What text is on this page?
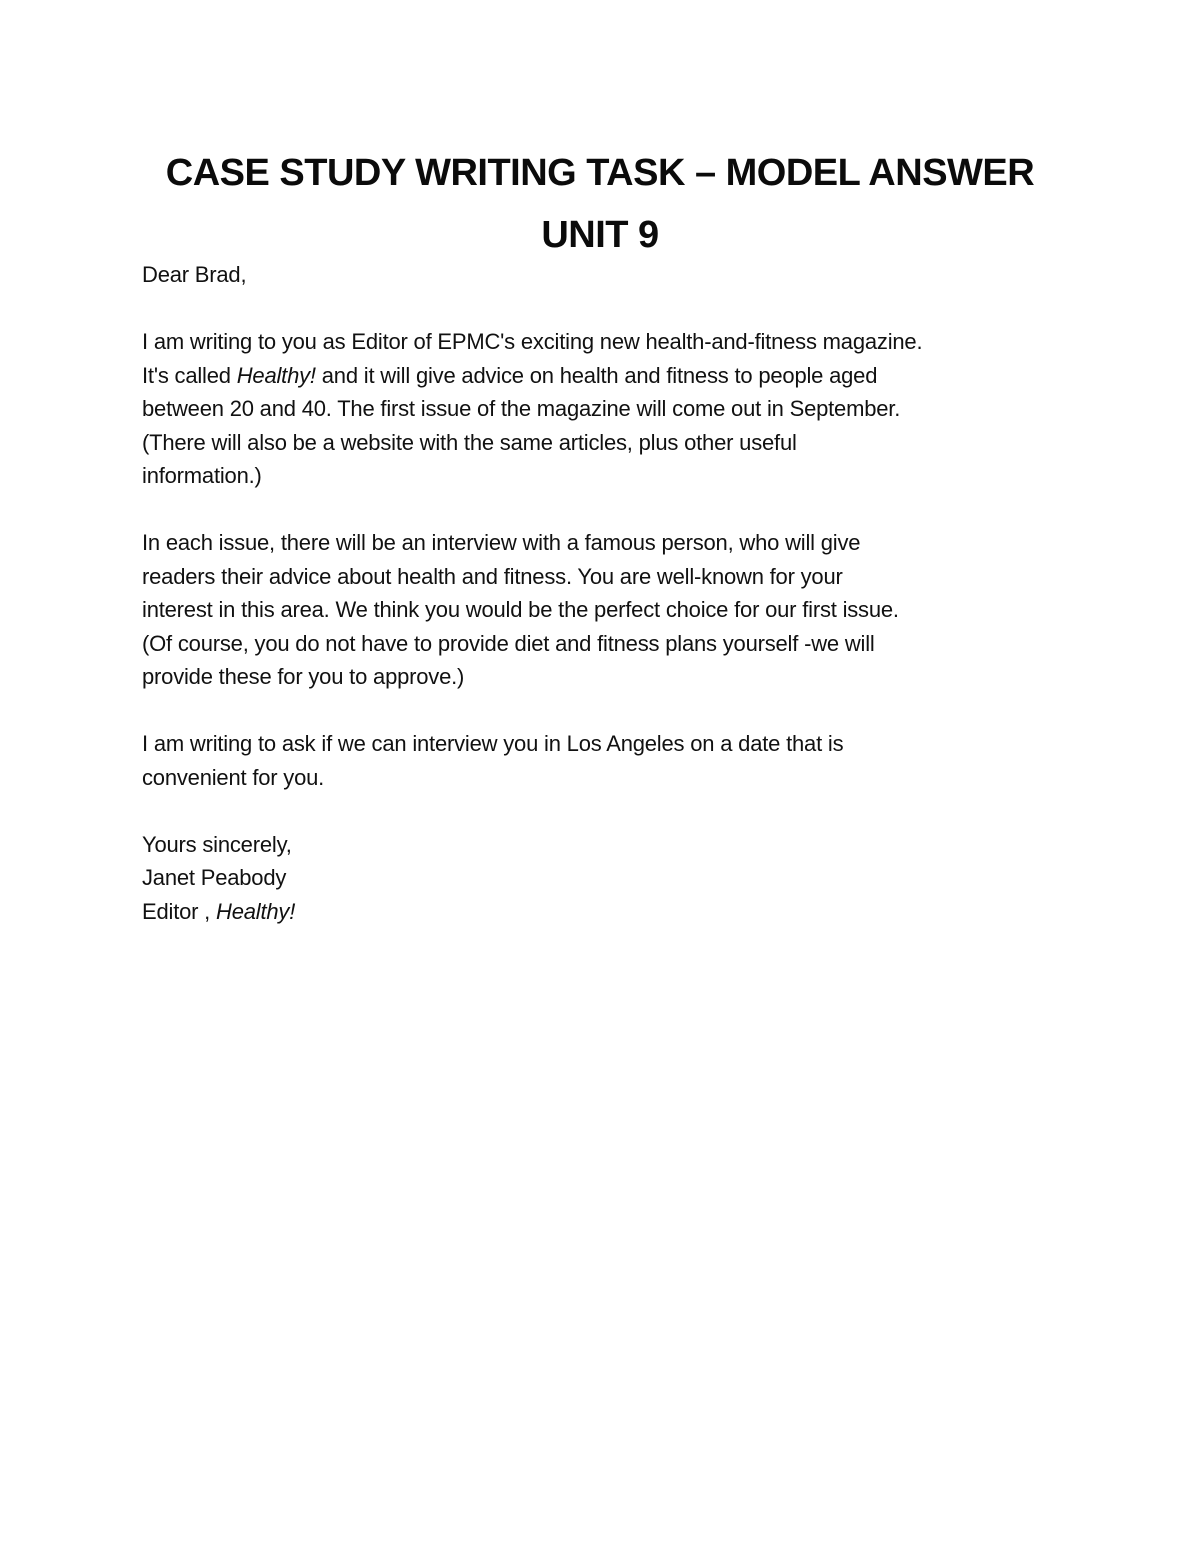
CASE STUDY WRITING TASK – MODEL ANSWER
UNIT 9
Dear Brad,
I am writing to you as Editor of EPMC's exciting new health-and-fitness magazine.
It's called Healthy! and it will give advice on health and fitness to people aged
between 20 and 40. The first issue of the magazine will come out in September.
(There will also be a website with the same articles, plus other useful
information.)
In each issue, there will be an interview with a famous person, who will give
readers their advice about health and fitness. You are well-known for your
interest in this area. We think you would be the perfect choice for our first issue.
(Of course, you do not have to provide diet and fitness plans yourself -we will
provide these for you to approve.)
I am writing to ask if we can interview you in Los Angeles on a date that is
convenient for you.
Yours sincerely,
Janet Peabody
Editor , Healthy!
